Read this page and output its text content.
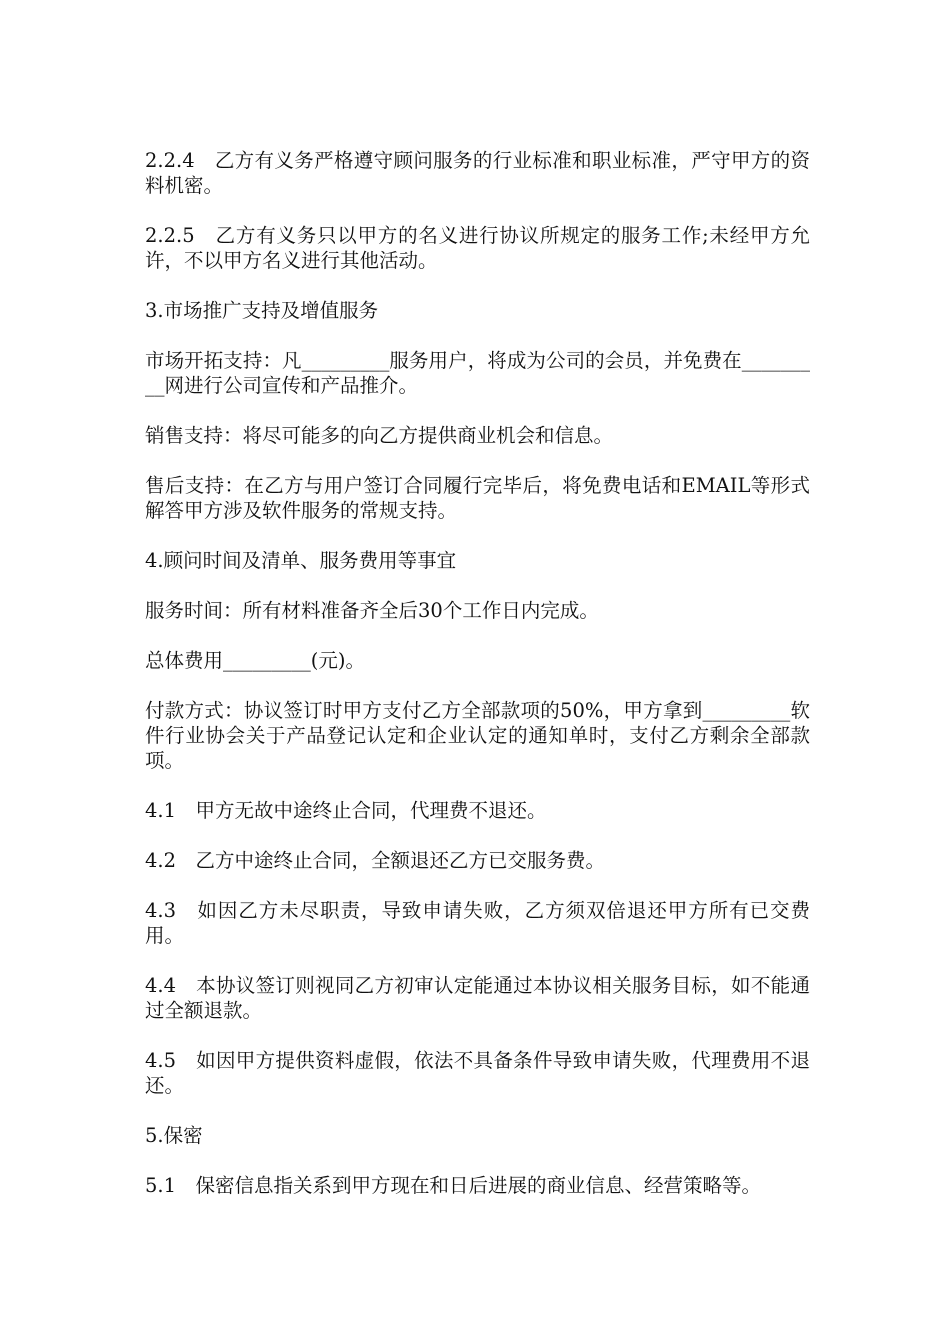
2.2.4　乙方有义务严格遵守顾问服务的行业标准和职业标准，严守甲方的资料机密。

2.2.5　乙方有义务只以甲方的名义进行协议所规定的服务工作;未经甲方允许，不以甲方名义进行其他活动。

3.市场推广支持及增值服务

市场开拓支持：凡_________服务用户，将成为公司的会员，并免费在_________网进行公司宣传和产品推介。

销售支持：将尽可能多的向乙方提供商业机会和信息。

售后支持：在乙方与用户签订合同履行完毕后，将免费电话和EMAIL等形式解答甲方涉及软件服务的常规支持。

4.顾问时间及清单、服务费用等事宜

服务时间：所有材料准备齐全后30个工作日内完成。

总体费用_________(元)。

付款方式：协议签订时甲方支付乙方全部款项的50%，甲方拿到_________软件行业协会关于产品登记认定和企业认定的通知单时，支付乙方剩余全部款项。

4.1　甲方无故中途终止合同，代理费不退还。

4.2　乙方中途终止合同，全额退还乙方已交服务费。

4.3　如因乙方未尽职责，导致申请失败，乙方须双倍退还甲方所有已交费用。

4.4　本协议签订则视同乙方初审认定能通过本协议相关服务目标，如不能通过全额退款。

4.5　如因甲方提供资料虚假，依法不具备条件导致申请失败，代理费用不退还。

5.保密

5.1　保密信息指关系到甲方现在和日后进展的商业信息、经营策略等。
